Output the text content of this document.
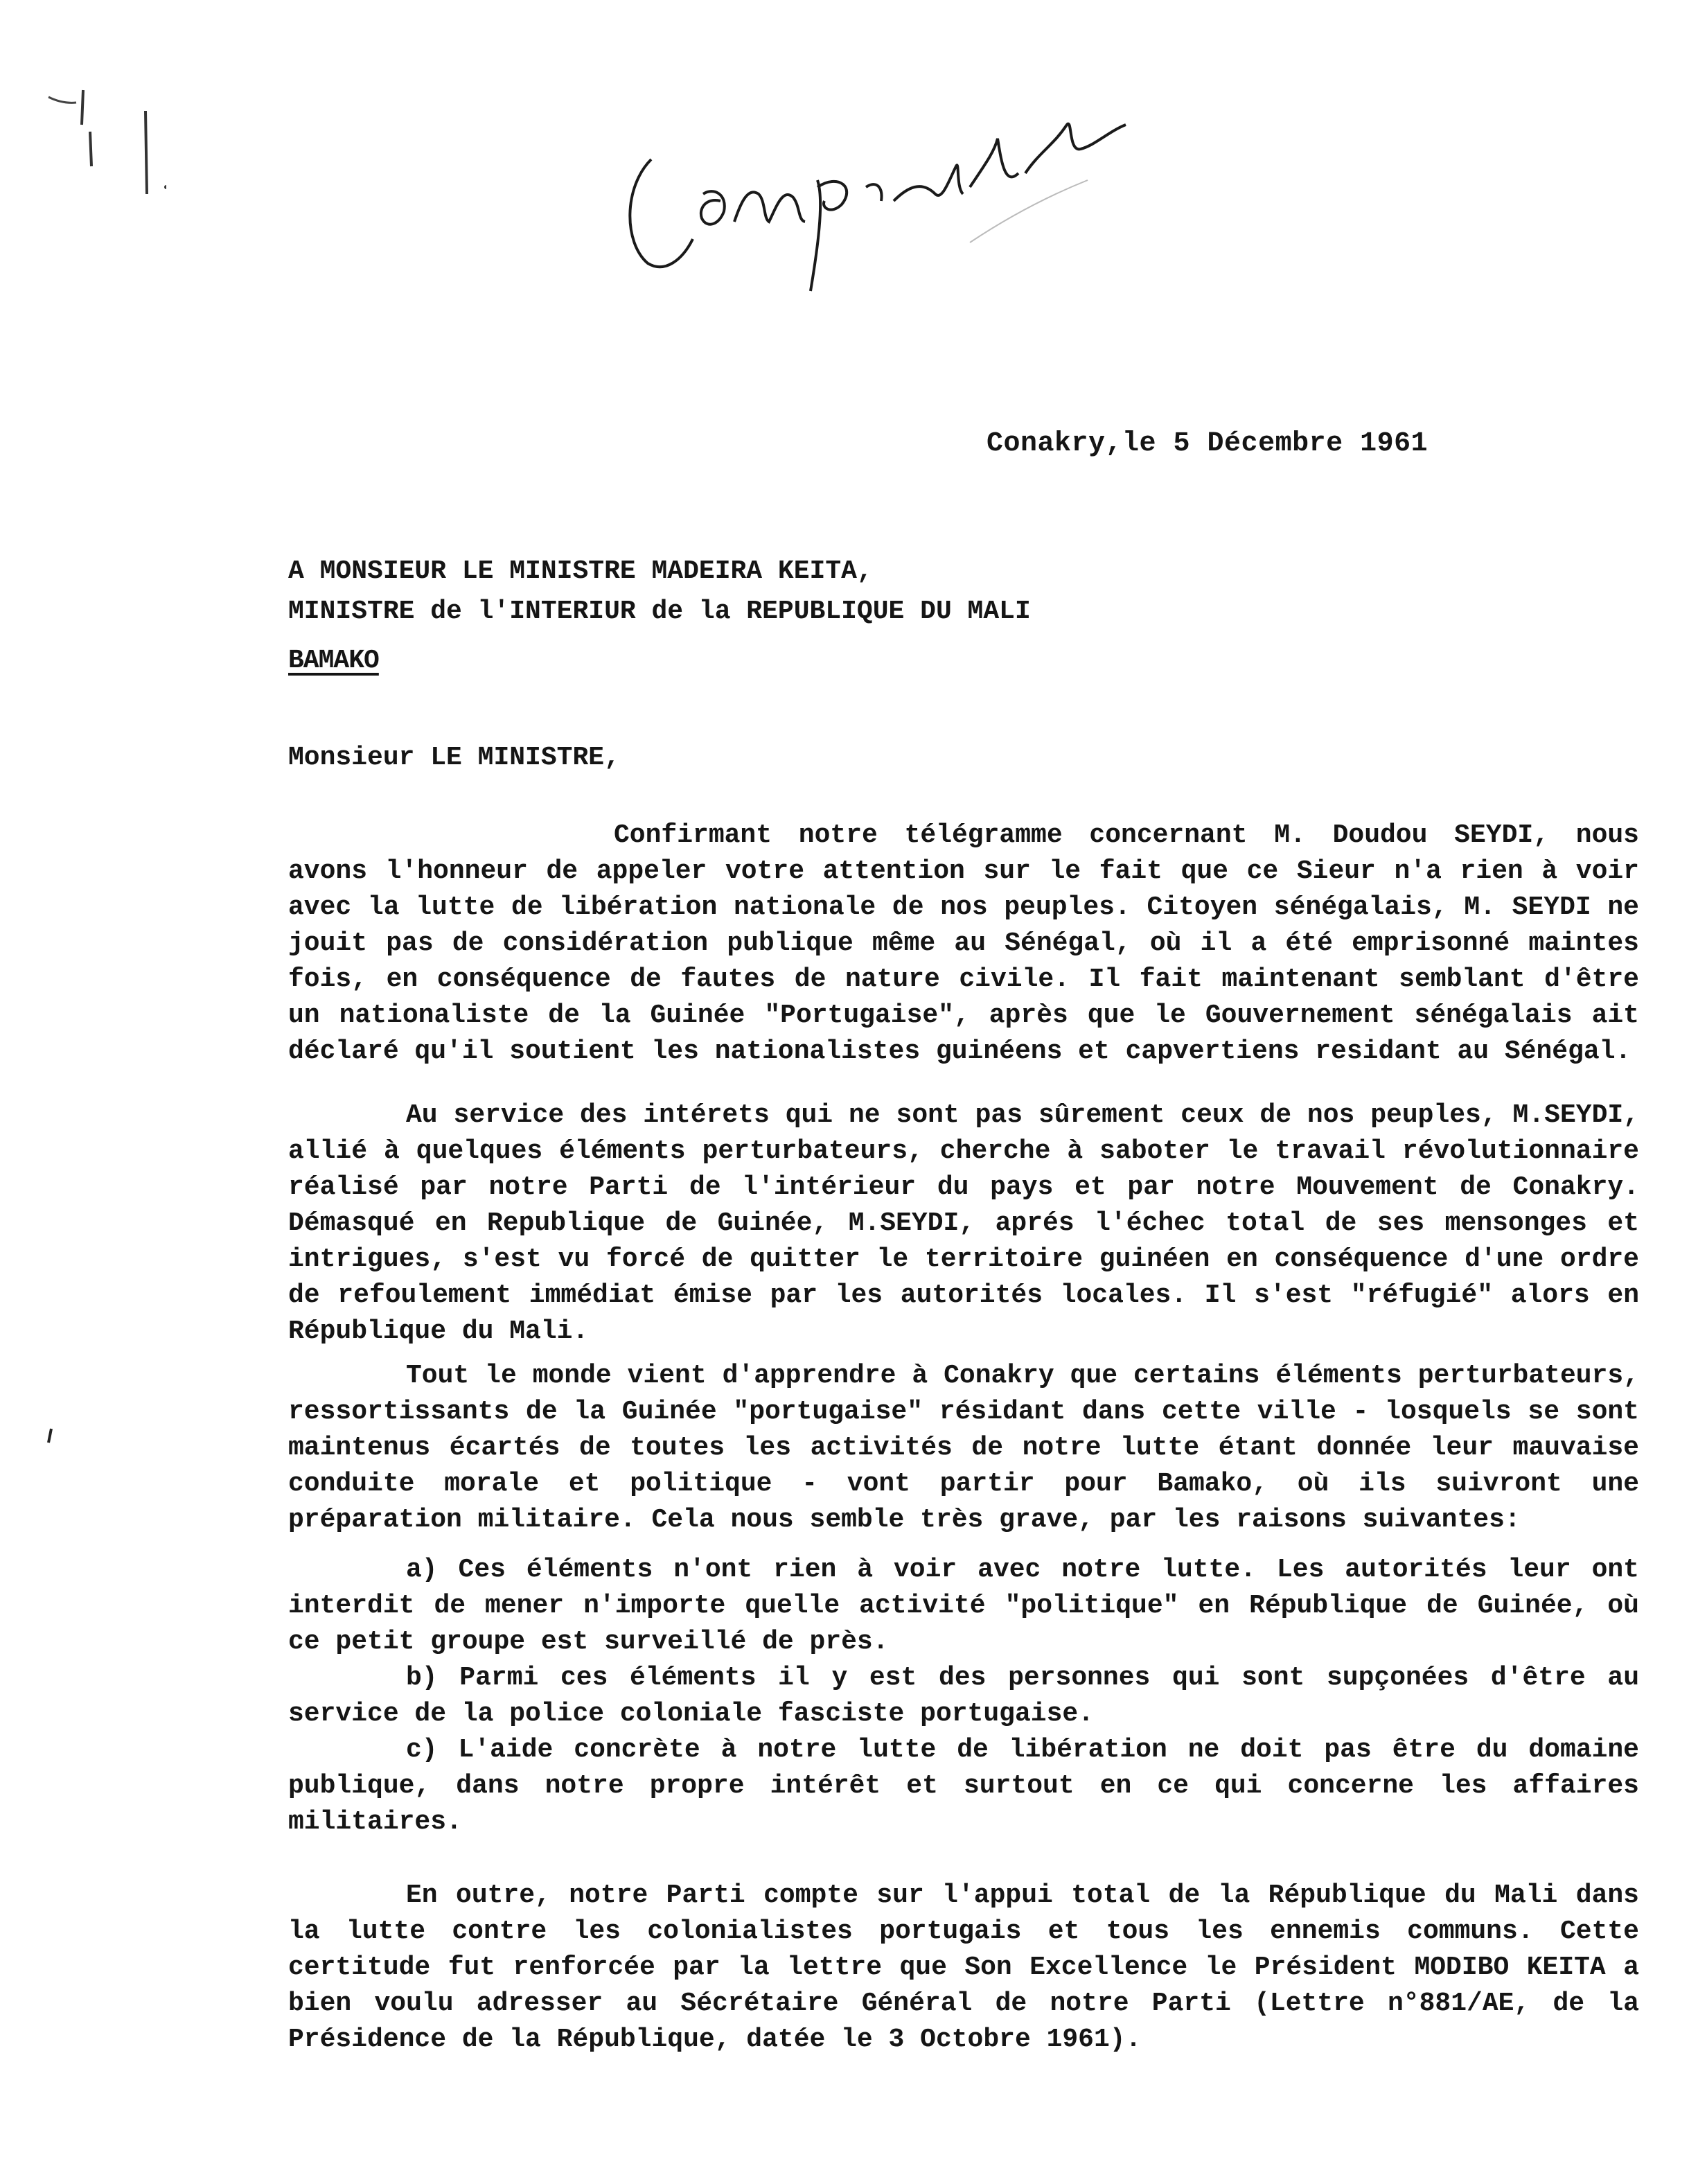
Confidentiel
Conakry,le 5 Décembre 1961
A MONSIEUR LE MINISTRE MADEIRA KEITA,
MINISTRE de l'INTERIUR de la REPUBLIQUE DU MALI
BAMAKO
Monsieur LE MINISTRE,

Confirmant notre télégramme concernant M. Doudou SEYDI, nous avons l'honneur de appeler votre attention sur le fait que ce Sieur n'a rien à voir avec la lutte de libération nationale de nos peuples. Citoyen sénégalais, M. SEYDI ne jouit pas de considération publique même au Sénégal, où il a été emprisonné maintes fois, en conséquence de fautes de nature civile. Il fait maintenant semblant d'être un nationaliste de la Guinée "Portugaise", après que le Gouvernement sénégalais ait déclaré qu'il soutient les nationalistes guinéens et capvertiens residant au Sénégal.

Au service des intérets qui ne sont pas sûrement ceux de nos peuples, M.SEYDI, allié à quelques éléments perturbateurs, cherche à saboter le travail révolutionnaire réalisé par notre Parti de l'intérieur du pays et par notre Mouvement de Conakry. Démasqué en Republique de Guinée, M.SEYDI, aprés l'échec total de ses mensonges et intrigues, s'est vu forcé de quitter le territoire guinéen en conséquence d'une ordre de refoulement immédiat émise par les autorités locales. Il s'est "réfugié" alors en République du Mali.

Tout le monde vient d'apprendre à Conakry que certains éléments perturbateurs, ressortissants de la Guinée "portugaise" résidant dans cette ville - losquels se sont maintenus écartés de toutes les activités de notre lutte étant donnée leur mauvaise conduite morale et politique - vont partir pour Bamako, où ils suivront une préparation militaire. Cela nous semble très grave, par les raisons suivantes:

a) Ces éléments n'ont rien à voir avec notre lutte. Les autorités leur ont interdit de mener n'importe quelle activité "politique" en République de Guinée, où ce petit groupe est surveillé de près.

b) Parmi ces éléments il y est des personnes qui sont supçonées d'être au service de la police coloniale fasciste portugaise.

c) L'aide concrète à notre lutte de libération ne doit pas être du domaine publique, dans notre propre intérêt et surtout en ce qui concerne les affaires militaires.

En outre, notre Parti compte sur l'appui total de la République du Mali dans la lutte contre les colonialistes portugais et tous les ennemis communs. Cette certitude fut renforcée par la lettre que Son Excellence le Président MODIBO KEITA a bien voulu adresser au Sécrétaire Général de notre Parti (Lettre n°881/AE, de la Présidence de la République, datée le 3 Octobre 1961).
